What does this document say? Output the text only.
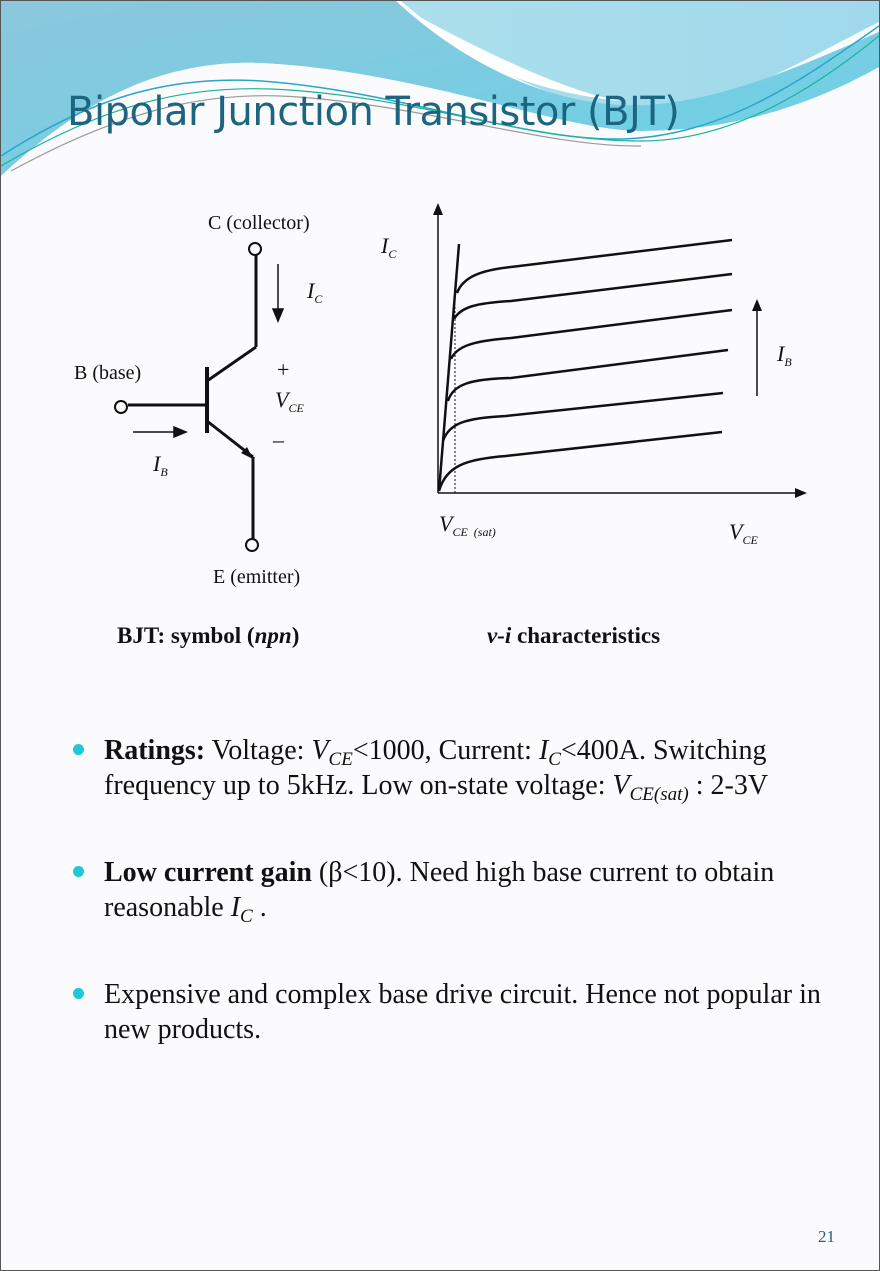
Bipolar Junction Transistor (BJT)
C (collector)
B (base)
E (emitter)
$I_C$
$I_B$
+
$V_{CE}$
–
$I_C$
$I_B$
$V_{CE (sat)}$	$V_{CE}$
BJT: symbol (npn)	v-i characteristics
Ratings: Voltage: $V_{CE}<1000$, Current: $I_C<400A$. Switching frequency up to 5kHz. Low on-state voltage: $V_{CE(sat)}$ : 2-3V
Low current gain (β<10). Need high base current to obtain reasonable $I_C$ .
Expensive and complex base drive circuit. Hence not popular in new products.
21
